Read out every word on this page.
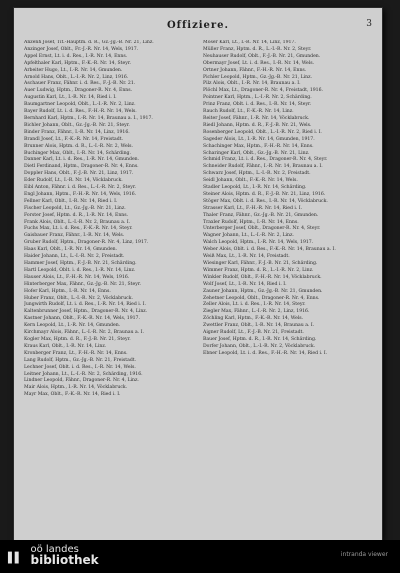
Offiziere.	3

Anzenh Josef, Tit.-Hauptm. d. R., Gz.-Jg.-B. Nr. 21, Linz.

Anzinger Josef, Oblt., Fr.-J.-R. Nr. 14, Wels, 1917.

Appel Ernst, Lt. i. d. Res., I.-R. Nr. 14, Enns.

Apfelthaler Karl, Hptm., F.-K.-R. Nr. 14, Steyr.

Arbeiter Hugo, Lt., I.-R. Nr. 14, Gmunden.

Arnold Hans, Oblt., L.-I.-R. Nr. 2, Linz, 1916.

Aschauer Franz, Fähnr. i. d. Res., F.-J.-B. Nr. 21.

Auer Ludwig, Hptm., Dragoner-R. Nr. 4, Enns.

Augustin Karl, Lt., I.-R. Nr. 14, Ried i. I.

Baumgartner Leopold, Oblt., L.-I.-R. Nr. 2, Linz.

Bayer Rudolf, Lt. i. d. Res., F.-H.-R. Nr. 14, Wels.

Bernhard Karl, Hptm., I.-R. Nr. 14, Braunau a. I., 1917.

Bichler Johann, Oblt., Gz.-Jg.-B. Nr. 21, Steyr.

Binder Franz, Fähnr., I.-R. Nr. 14, Linz, 1916.

Brandl Josef, Lt., F.-K.-R. Nr. 14, Freistadt.

Brunner Alois, Hptm. d. R., L.-I.-R. Nr. 2, Wels.

Buchinger Max, Oblt., I.-R. Nr. 14, Schärding.

Danner Karl, Lt. i. d. Res., I.-R. Nr. 14, Gmunden.

Dietl Ferdinand, Hptm., Dragoner-R. Nr. 4, Enns.

Doppler Hans, Oblt., F.-J.-B. Nr. 21, Linz, 1917.

Eder Rudolf, Lt., I.-R. Nr. 14, Vöcklabruck.

Eibl Anton, Fähnr. i. d. Res., L.-I.-R. Nr. 2, Steyr.

Engl Johann, Hptm., F.-H.-R. Nr. 14, Wels, 1916.

Fellner Karl, Oblt., I.-R. Nr. 14, Ried i. I.

Fischer Leopold, Lt., Gz.-Jg.-B. Nr. 21, Linz.

Forster Josef, Hptm. d. R., I.-R. Nr. 14, Enns.

Frank Alois, Oblt., L.-I.-R. Nr. 2, Braunau a. I.

Fuchs Max, Lt. i. d. Res., F.-K.-R. Nr. 14, Steyr.

Gaisbauer Franz, Fähnr., I.-R. Nr. 14, Wels.

Gruber Rudolf, Hptm., Dragoner-R. Nr. 4, Linz, 1917.

Haas Karl, Oblt., I.-R. Nr. 14, Gmunden.

Haider Johann, Lt., L.-I.-R. Nr. 2, Freistadt.

Hammer Josef, Hptm., F.-J.-B. Nr. 21, Schärding.

Hartl Leopold, Oblt. i. d. Res., I.-R. Nr. 14, Linz.

Hauser Alois, Lt., F.-H.-R. Nr. 14, Wels, 1916.

Hinterberger Max, Fähnr., Gz.-Jg.-B. Nr. 21, Steyr.

Hofer Karl, Hptm., I.-R. Nr. 14, Enns.

Huber Franz, Oblt., L.-I.-R. Nr. 2, Vöcklabruck.

Jungwirth Rudolf, Lt. i. d. Res., I.-R. Nr. 14, Ried i. I.

Kaltenbrunner Josef, Hptm., Dragoner-R. Nr. 4, Linz.

Kastner Johann, Oblt., F.-K.-R. Nr. 14, Wels, 1917.

Kern Leopold, Lt., I.-R. Nr. 14, Gmunden.

Kirchmayr Alois, Fähnr., L.-I.-R. Nr. 2, Braunau a. I.

Kogler Max, Hptm. d. R., F.-J.-B. Nr. 21, Steyr.

Kraus Karl, Oblt., I.-R. Nr. 14, Linz.

Kronberger Franz, Lt., F.-H.-R. Nr. 14, Enns.

Lang Rudolf, Hptm., Gz.-Jg.-B. Nr. 21, Freistadt.

Lechner Josef, Oblt. i. d. Res., I.-R. Nr. 14, Wels.

Leitner Johann, Lt., L.-I.-R. Nr. 2, Schärding, 1916.

Lindner Leopold, Fähnr., Dragoner-R. Nr. 4, Linz.

Mair Alois, Hptm., I.-R. Nr. 14, Vöcklabruck.

Mayr Max, Oblt., F.-K.-R. Nr. 14, Ried i. I.

Moser Karl, Lt., I.-R. Nr. 14, Linz, 1917.

Müller Franz, Hptm. d. R., L.-I.-R. Nr. 2, Steyr.

Neuhauser Rudolf, Oblt., F.-J.-B. Nr. 21, Gmunden.

Obermayr Josef, Lt. i. d. Res., I.-R. Nr. 14, Wels.

Ortner Johann, Fähnr., F.-H.-R. Nr. 14, Enns.

Pichler Leopold, Hptm., Gz.-Jg.-B. Nr. 21, Linz.

Pilz Alois, Oblt., I.-R. Nr. 14, Braunau a. I.

Plöchl Max, Lt., Dragoner-R. Nr. 4, Freistadt, 1916.

Pointner Karl, Hptm., L.-I.-R. Nr. 2, Schärding.

Prinz Franz, Oblt. i. d. Res., I.-R. Nr. 14, Steyr.

Rauch Rudolf, Lt., F.-K.-R. Nr. 14, Linz.

Reiter Josef, Fähnr., I.-R. Nr. 14, Vöcklabruck.

Riedl Johann, Hptm. d. R., F.-J.-B. Nr. 21, Wels.

Rosenberger Leopold, Oblt., L.-I.-R. Nr. 2, Ried i. I.

Sageder Alois, Lt., I.-R. Nr. 14, Gmunden, 1917.

Schachinger Max, Hptm., F.-H.-R. Nr. 14, Enns.

Scharinger Karl, Oblt., Gz.-Jg.-B. Nr. 21, Linz.

Schmid Franz, Lt. i. d. Res., Dragoner-R. Nr. 4, Steyr.

Schneider Rudolf, Fähnr., I.-R. Nr. 14, Braunau a. I.

Schwarz Josef, Hptm., L.-I.-R. Nr. 2, Freistadt.

Seidl Johann, Oblt., F.-K.-R. Nr. 14, Wels.

Stadler Leopold, Lt., I.-R. Nr. 14, Schärding.

Steiner Alois, Hptm. d. R., F.-J.-B. Nr. 21, Linz, 1916.

Stöger Max, Oblt. i. d. Res., I.-R. Nr. 14, Vöcklabruck.

Strasser Karl, Lt., F.-H.-R. Nr. 14, Ried i. I.

Thaler Franz, Fähnr., Gz.-Jg.-B. Nr. 21, Gmunden.

Traxler Rudolf, Hptm., I.-R. Nr. 14, Enns.

Unterberger Josef, Oblt., Dragoner-R. Nr. 4, Steyr.

Wagner Johann, Lt., L.-I.-R. Nr. 2, Linz.

Walch Leopold, Hptm., I.-R. Nr. 14, Wels, 1917.

Weber Alois, Oblt. i. d. Res., F.-K.-R. Nr. 14, Braunau a. I.

Weiß Max, Lt., I.-R. Nr. 14, Freistadt.

Wiesinger Karl, Fähnr., F.-J.-B. Nr. 21, Schärding.

Wimmer Franz, Hptm. d. R., L.-I.-R. Nr. 2, Linz.

Winkler Rudolf, Oblt., F.-H.-R. Nr. 14, Vöcklabruck.

Wolf Josef, Lt., I.-R. Nr. 14, Ried i. I.

Zauner Johann, Hptm., Gz.-Jg.-B. Nr. 21, Gmunden.

Zehetner Leopold, Oblt., Dragoner-R. Nr. 4, Enns.

Zeller Alois, Lt. i. d. Res., I.-R. Nr. 14, Steyr.

Ziegler Max, Fähnr., L.-I.-R. Nr. 2, Linz, 1916.

Zöchling Karl, Hptm., F.-K.-R. Nr. 14, Wels.

Zwettler Franz, Oblt., I.-R. Nr. 14, Braunau a. I.

Aigner Rudolf, Lt., F.-J.-B. Nr. 21, Freistadt.

Bauer Josef, Hptm. d. R., I.-R. Nr. 14, Schärding.

Dorfer Johann, Oblt., L.-I.-R. Nr. 2, Vöcklabruck.

Ebner Leopold, Lt. i. d. Res., F.-H.-R. Nr. 14, Ried i. I.

▌▌
oö landes
bibliothek	intranda viewer
